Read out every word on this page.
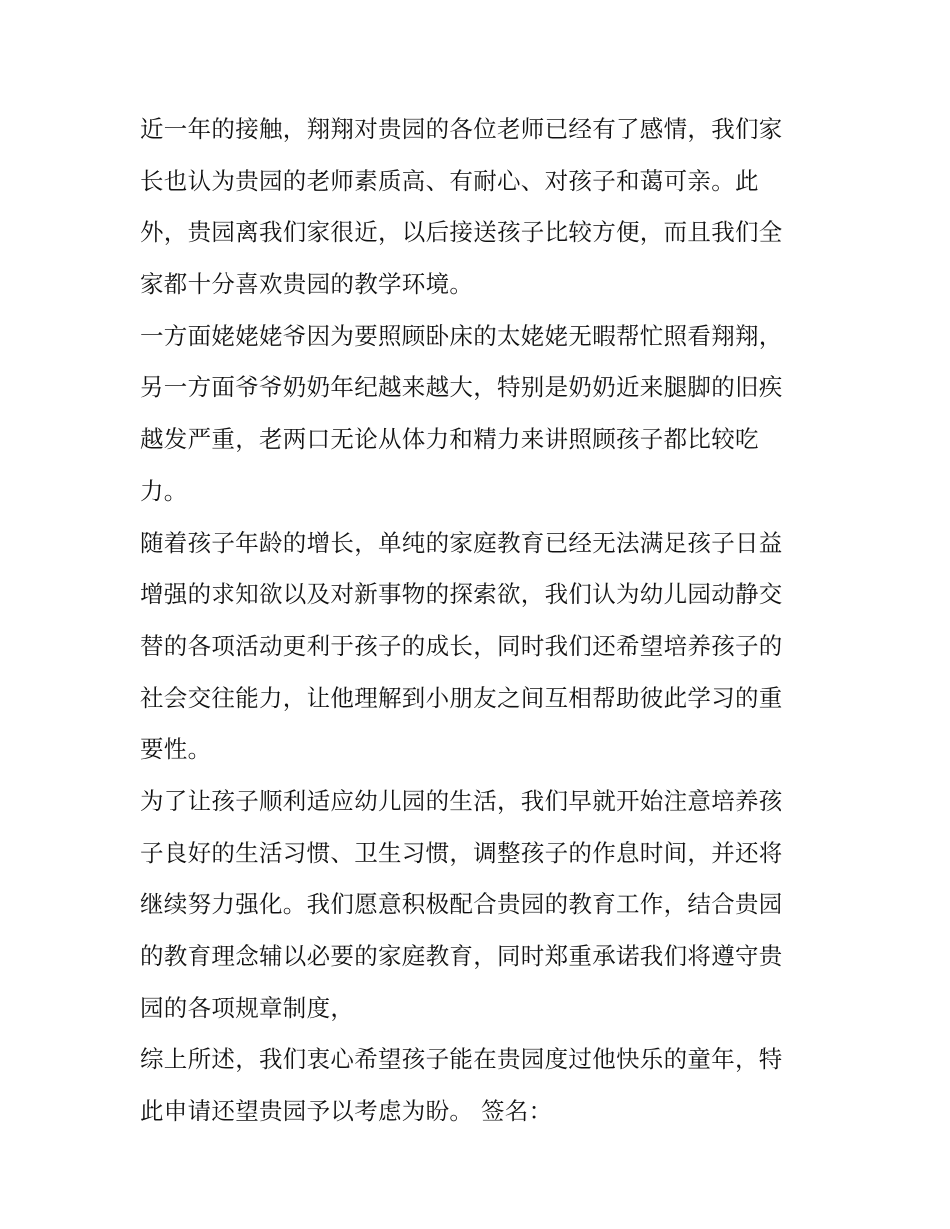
近一年的接触，翔翔对贵园的各位老师已经有了感情，我们家
长也认为贵园的老师素质高、有耐心、对孩子和蔼可亲。此
外，贵园离我们家很近，以后接送孩子比较方便，而且我们全
家都十分喜欢贵园的教学环境。
一方面姥姥姥爷因为要照顾卧床的太姥姥无暇帮忙照看翔翔，
另一方面爷爷奶奶年纪越来越大，特别是奶奶近来腿脚的旧疾
越发严重，老两口无论从体力和精力来讲照顾孩子都比较吃
力。
随着孩子年龄的增长，单纯的家庭教育已经无法满足孩子日益
增强的求知欲以及对新事物的探索欲，我们认为幼儿园动静交
替的各项活动更利于孩子的成长，同时我们还希望培养孩子的
社会交往能力，让他理解到小朋友之间互相帮助彼此学习的重
要性。
为了让孩子顺利适应幼儿园的生活，我们早就开始注意培养孩
子良好的生活习惯、卫生习惯，调整孩子的作息时间，并还将
继续努力强化。我们愿意积极配合贵园的教育工作，结合贵园
的教育理念辅以必要的家庭教育，同时郑重承诺我们将遵守贵
园的各项规章制度，
综上所述，我们衷心希望孩子能在贵园度过他快乐的童年，特
此申请还望贵园予以考虑为盼。 签名：
